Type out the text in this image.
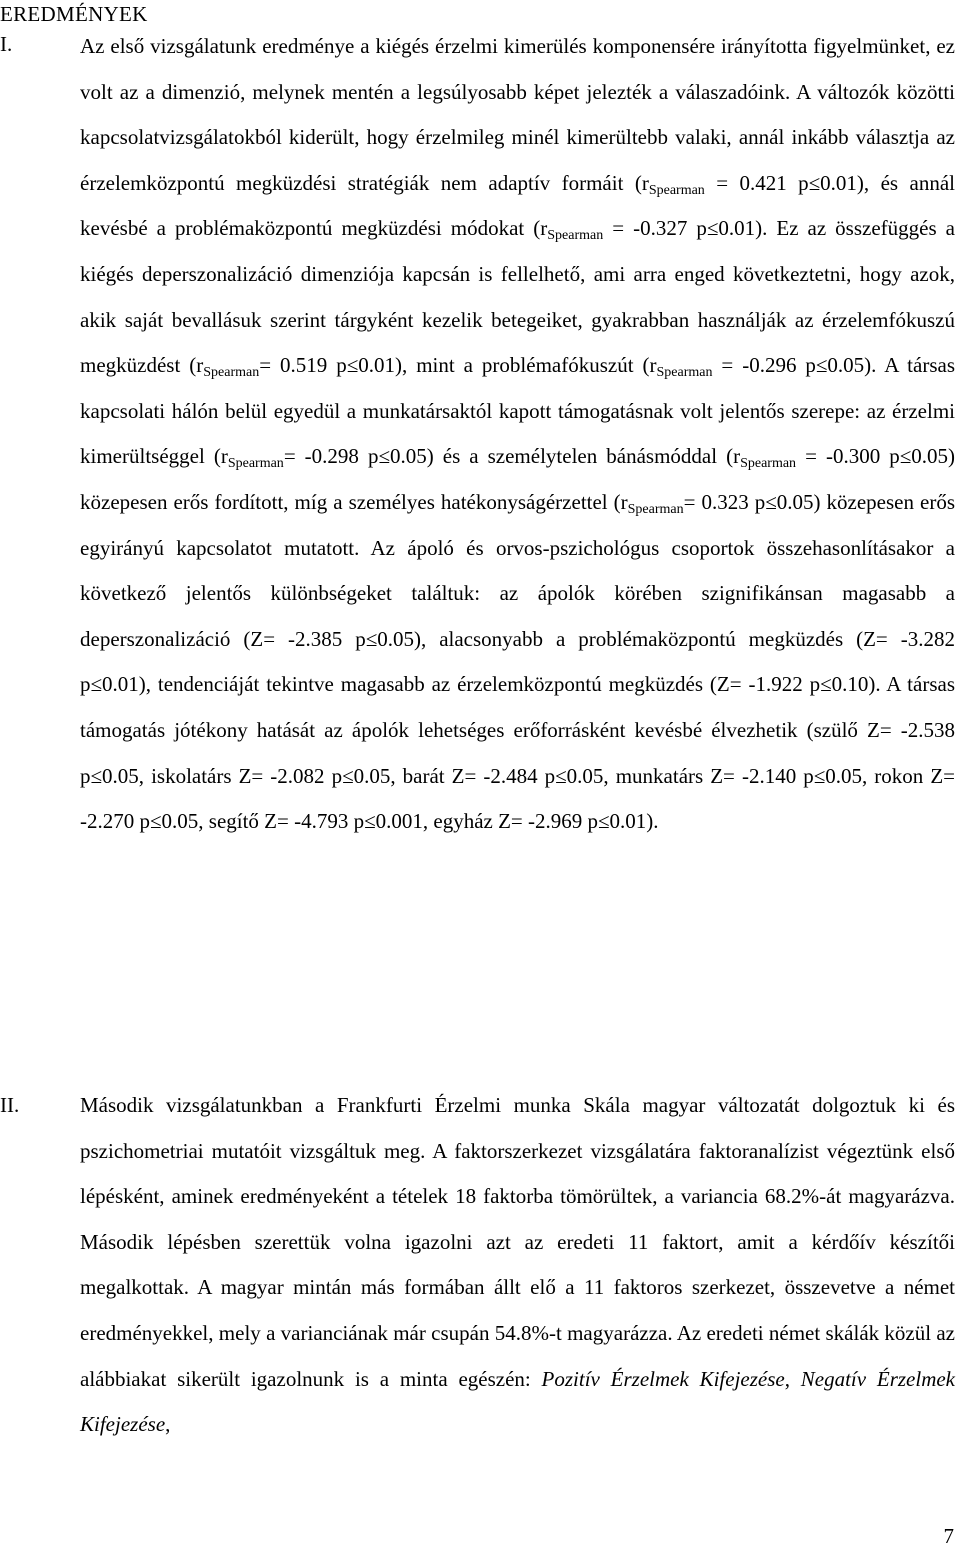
EREDMÉNYEK
I.	Az első vizsgálatunk eredménye a kiégés érzelmi kimerülés komponensére irányította figyelmünket, ez volt az a dimenzió, melynek mentén a legsúlyosabb képet jelezték a válaszadóink. A változók közötti kapcsolatvizsgálatokból kiderült, hogy érzelmileg minél kimerültebb valaki, annál inkább választja az érzelemközpontú megküzdési stratégiák nem adaptív formáit ($r_{Spearman} = 0.421$ p≤0.01), és annál kevésbé a problémaközpontú megküzdési módokat ($r_{Spearman} = -0.327$ p≤0.01). Ez az összefüggés a kiégés deperszonalizáció dimenziója kapcsán is fellelhető, ami arra enged következtetni, hogy azok, akik saját bevallásuk szerint tárgyként kezelik betegeiket, gyakrabban használják az érzelemfókuszú megküzdést ($r_{Spearman}= 0.519$ p≤0.01), mint a problémafókuszút ($r_{Spearman} = -0.296$ p≤0.05). A társas kapcsolati hálón belül egyedül a munkatársaktól kapott támogatásnak volt jelentős szerepe: az érzelmi kimerültséggel ($r_{Spearman}= -0.298$ p≤0.05) és a személytelen bánásmóddal ($r_{Spearman} = -0.300$ p≤0.05) közepesen erős fordított, míg a személyes hatékonyságérzettel ($r_{Spearman}= 0.323$ p≤0.05) közepesen erős egyirányú kapcsolatot mutatott. Az ápoló és orvos-pszichológus csoportok összehasonlításakor a következő jelentős különbségeket találtuk: az ápolók körében szignifikánsan magasabb a deperszonalizáció (Z= -2.385 p≤0.05), alacsonyabb a problémaközpontú megküzdés (Z= -3.282 p≤0.01), tendenciáját tekintve magasabb az érzelemközpontú megküzdés (Z= -1.922 p≤0.10). A társas támogatás jótékony hatását az ápolók lehetséges erőforrásként kevésbé élvezhetik (szülő Z= -2.538 p≤0.05, iskolatárs Z= -2.082 p≤0.05, barát Z= -2.484 p≤0.05, munkatárs Z= -2.140 p≤0.05, rokon Z= -2.270 p≤0.05, segítő Z= -4.793 p≤0.001, egyház Z= -2.969 p≤0.01).

II.	Második vizsgálatunkban a Frankfurti Érzelmi munka Skála magyar változatát dolgoztuk ki és pszichometriai mutatóit vizsgáltuk meg. A faktorszerkezet vizsgálatára faktoranalízist végeztünk első lépésként, aminek eredményeként a tételek 18 faktorba tömörültek, a variancia 68.2%-át magyarázva. Második lépésben szerettük volna igazolni azt az eredeti 11 faktort, amit a kérdőív készítői megalkottak. A magyar mintán más formában állt elő a 11 faktoros szerkezet, összevetve a német eredményekkel, mely a varianciának már csupán 54.8%-t magyarázza. Az eredeti német skálák közül az alábbiakat sikerült igazolnunk is a minta egészén: Pozitív Érzelmek Kifejezése, Negatív Érzelmek Kifejezése,

7
